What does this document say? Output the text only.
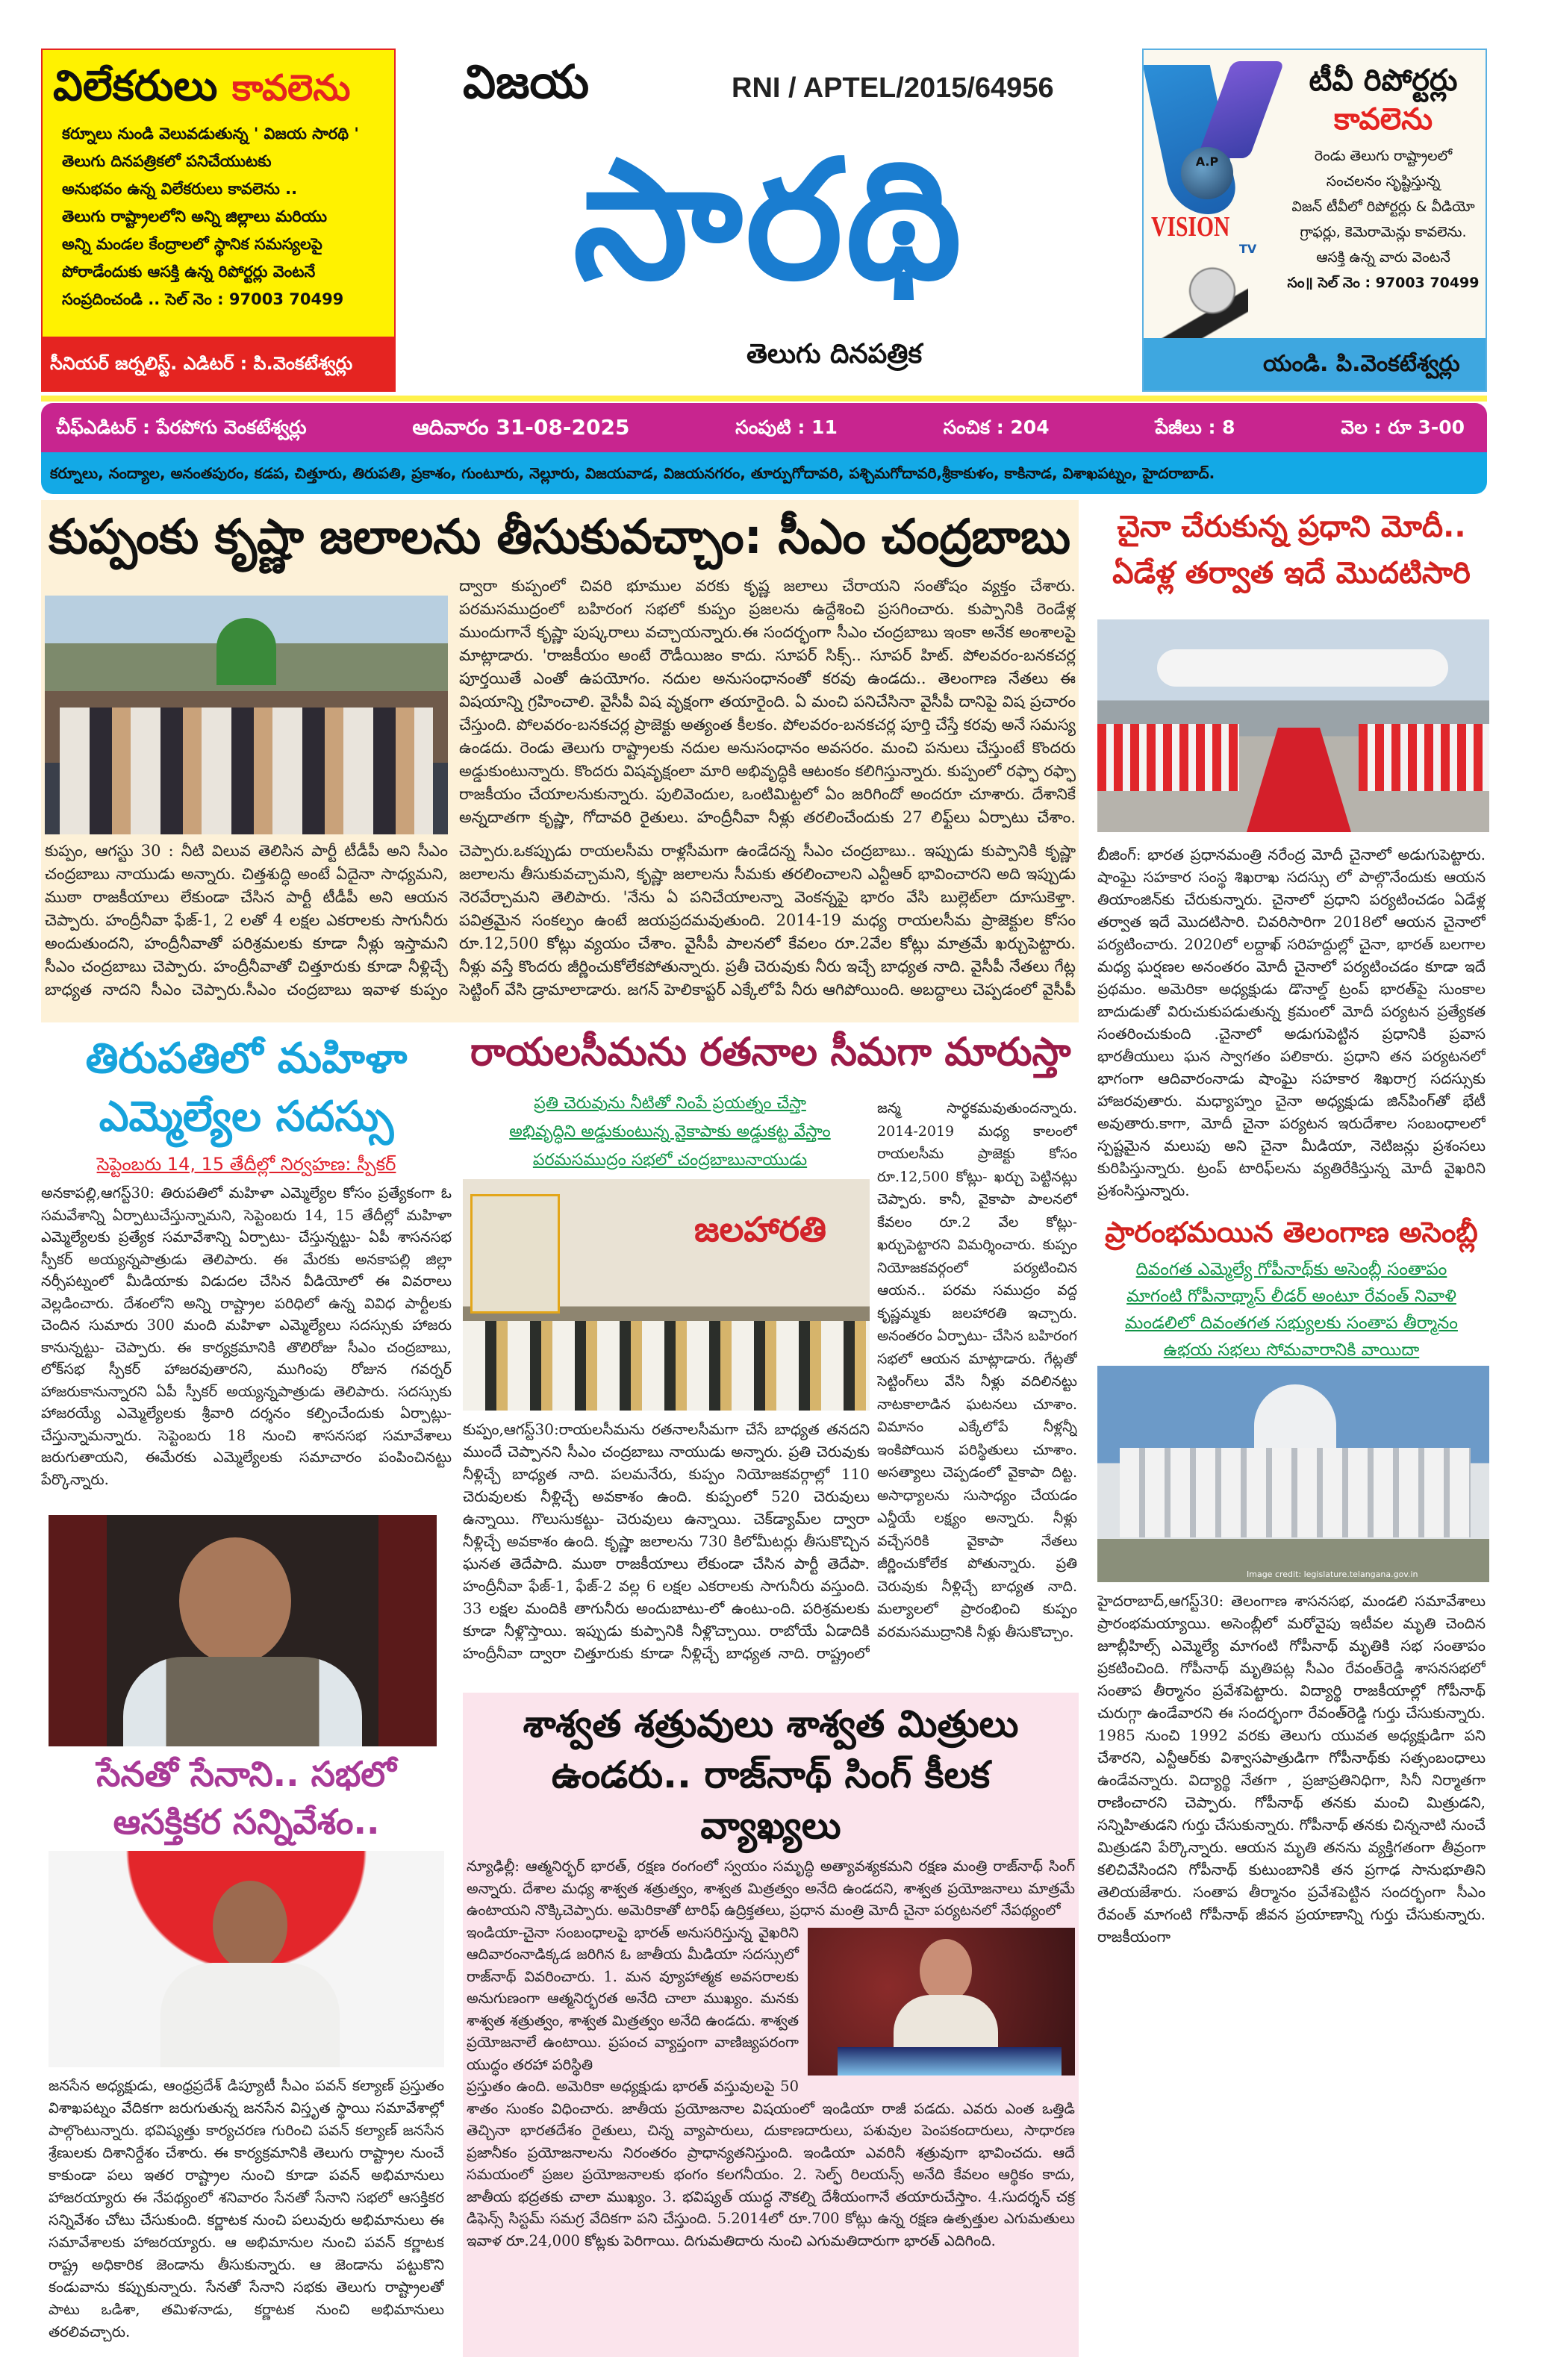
విలేకరులు కావలెను
కర్నూలు నుండి వెలువడుతున్న ' విజయ సారథి ' తెలుగు దినపత్రికలో పనిచేయుటకు అనుభవం ఉన్న విలేకరులు కావలెను .. తెలుగు రాష్ట్రాలలోని అన్ని జిల్లాలు మరియు అన్ని మండల కేంద్రాలలో స్థానిక సమస్యలపై పోరాడేందుకు ఆసక్తి ఉన్న రిపోర్టర్లు వెంటనే సంప్రదించండి .. సెల్ నెం : 97003 70499
సీనియర్ జర్నలిస్ట్. ఎడిటర్ : పి.వెంకటేశ్వర్లు
విజయ	RNI / APTEL/2015/64956
సారథి
తెలుగు దినపత్రిక
A.P
VISION
TV
టీవీ రిపోర్టర్లు కావలెను
రెండు తెలుగు రాష్ట్రాలలో సంచలనం సృష్టిస్తున్న విజన్ టీవీలో రిపోర్టర్లు & వీడియో గ్రాఫర్లు, కెమెరామెన్లు కావలెను. ఆసక్తి ఉన్న వారు వెంటనే సం॥ సెల్ నెం : 97003 70499
యండి. పి.వెంకటేశ్వర్లు
చీఫ్ఎడిటర్ : పేరపోగు వెంకటేశ్వర్లు	ఆదివారం 31-08-2025	సంపుటి : 11	సంచిక : 204	పేజీలు : 8	వెల : రూ 3-00
కర్నూలు, నంద్యాల, అనంతపురం, కడప, చిత్తూరు, తిరుపతి, ప్రకాశం, గుంటూరు, నెల్లూరు, విజయవాడ, విజయనగరం, తూర్పుగోదావరి, పశ్చిమగోదావరి,శ్రీకాకుళం, కాకినాడ, విశాఖపట్నం, హైదరాబాద్.
కుప్పంకు కృష్ణా జలాలను తీసుకువచ్చాం: సీఎం చంద్రబాబు
ద్వారా కుప్పంలో చివరి భూముల వరకు కృష్ణ జలాలు చేరాయని సంతోషం వ్యక్తం చేశారు. పరమసముద్రంలో బహిరంగ సభలో కుప్పం ప్రజలను ఉద్దేశించి ప్రసగించారు. కుప్పానికి రెండేళ్ల ముందుగానే కృష్ణా పుష్కరాలు వచ్చాయన్నారు.ఈ సందర్భంగా సీఎం చంద్రబాబు ఇంకా అనేక అంశాలపై మాట్లాడారు. 'రాజకీయం అంటే రౌడీయిజం కాదు. సూపర్ సిక్స్.. సూపర్ హిట్. పోలవరం-బనకచర్ల పూర్తయితే ఎంతో ఉపయోగం. నదుల అనుసంధానంతో కరవు ఉండదు.. తెలంగాణ నేతలు ఈ విషయాన్ని గ్రహించాలి. వైసీపీ విష వృక్షంగా తయారైంది. ఏ మంచి పనిచేసినా వైసీపీ దానిపై విష ప్రచారం చేస్తుంది. పోలవరం-బనకచర్ల ప్రాజెక్టు అత్యంత కీలకం. పోలవరం-బనకచర్ల పూర్తి చేస్తే కరవు అనే సమస్య ఉండదు. రెండు తెలుగు రాష్ట్రాలకు నదుల అనుసంధానం అవసరం. మంచి పనులు చేస్తుంటే కొందరు అడ్డుకుంటున్నారు. కొందరు విషవృక్షంలా మారి అభివృద్ధికి ఆటంకం కలిగిస్తున్నారు. కుప్పంలో రఫ్ఫా రఫ్ఫా రాజకీయం చేయాలనుకున్నారు. పులివెందుల, ఒంటిమిట్టలో ఏం జరిగిందో అందరూ చూశారు. దేశానికే అన్నదాతగా కృష్ణా, గోదావరి రైతులు. హంద్రీనీవా నీళ్లు తరలించేందుకు 27 లిఫ్ట్‌లు ఏర్పాటు చేశాం.
కుప్పం, ఆగస్టు 30 : నీటి విలువ తెలిసిన పార్టీ టీడీపీ అని సీఎం చంద్రబాబు నాయుడు అన్నారు. చిత్తశుద్ధి అంటే ఏదైనా సాధ్యమని, ముఠా రాజకీయాలు లేకుండా చేసిన పార్టీ టీడీపీ అని ఆయన చెప్పారు. హంద్రీనీవా ఫేజ్-1, 2 లతో 4 లక్షల ఎకరాలకు సాగునీరు అందుతుందని, హంద్రీనీవాతో పరిశ్రమలకు కూడా నీళ్లు ఇస్తామని సీఎం చంద్రబాబు చెప్పారు. హంద్రీనీవాతో చిత్తూరుకు కూడా నీళ్లిచ్చే బాధ్యత నాదని సీఎం చెప్పారు.సీఎం చంద్రబాబు ఇవాళ కుప్పం
చెప్పారు.ఒకప్పుడు రాయలసీమ రాళ్లసీమగా ఉండేదన్న సీఎం చంద్రబాబు.. ఇప్పుడు కుప్పానికి కృష్ణా జలాలను తీసుకువచ్చామని, కృష్ణా జలాలను సీమకు తరలించాలని ఎన్టీఆర్ భావించారని అది ఇప్పుడు నెరవేర్చామని తెలిపారు. 'నేను ఏ పనిచేయాలన్నా వెంకన్నపై భారం వేసి బుల్లెట్‌లా దూసుకెళ్తా. పవిత్రమైన సంకల్పం ఉంటే జయప్రదమవుతుంది. 2014-19 మధ్య రాయలసీమ ప్రాజెక్టుల కోసం రూ.12,500 కోట్లు వ్యయం చేశాం. వైసీపీ పాలనలో కేవలం రూ.2వేల కోట్లు మాత్రమే ఖర్చుపెట్టారు. నీళ్లు వస్తే కొందరు జీర్ణించుకోలేకపోతున్నారు. ప్రతీ చెరువుకు నీరు ఇచ్చే బాధ్యత నాది. వైసీపీ నేతలు గేట్ల సెట్టింగ్ వేసి డ్రామాలాడారు. జగన్ హెలికాప్టర్ ఎక్కేలోపే నీరు ఆగిపోయింది. అబద్ధాలు చెప్పడంలో వైసీపీ
చైనా చేరుకున్న ప్రధాని మోదీ.. ఏడేళ్ల తర్వాత ఇదే మొదటిసారి
బీజింగ్: భారత ప్రధానమంత్రి నరేంద్ర మోదీ చైనాలో అడుగుపెట్టారు. షాంఘై సహకార సంస్థ శిఖరాఖ సదస్సు లో పాల్గొనేందుకు ఆయన తియాంజిన్‌కు చేరుకున్నారు. చైనాలో ప్రధాని పర్యటించడం ఏడేళ్ల తర్వాత ఇదే మొదటిసారి. చివరిసారిగా 2018లో ఆయన చైనాలో పర్యటించారు. 2020లో లద్దాఖ్ సరిహద్దుల్లో చైనా, భారత్ బలగాల మధ్య ఘర్షణల అనంతరం మోదీ చైనాలో పర్యటించడం కూడా ఇదే ప్రథమం. అమెరికా అధ్యక్షుడు డొనాల్డ్ ట్రంప్ భారత్‌పై సుంకాల బాదుడుతో విరుచుకుపడుతున్న క్రమంలో మోదీ పర్యటన ప్రత్యేకత సంతరించుకుంది .చైనాలో అడుగుపెట్టిన ప్రధానికి ప్రవాస భారతీయులు ఘన స్వాగతం పలికారు. ప్రధాని తన పర్యటనలో భాగంగా ఆదివారంనాడు షాంఘై సహకార శిఖరాగ్ర సదస్సుకు హాజరవుతారు. మధ్యాహ్నం చైనా అధ్యక్షుడు జిన్‌పింగ్‌తో భేటీ అవుతారు.కాగా, మోదీ చైనా పర్యటన ఇరుదేశాల సంబంధాలలో స్పష్టమైన మలుపు అని చైనా మీడియా, నెటిజన్లు ప్రశంసలు కురిపిస్తున్నారు. ట్రంప్ టారిఫ్‌లను వ్యతిరేకిస్తున్న మోదీ వైఖరిని ప్రశంసిస్తున్నారు.
ప్రారంభమయిన తెలంగాణ అసెంబ్లీ
దివంగత ఎమ్మెల్యే గోపీనాథ్‌కు అసెంబ్లీ సంతాపం మాగంటి గోపీనాథ్మాస్ లీడర్ అంటూ రేవంత్ నివాళి మండలిలో దివంతగత సభ్యులకు సంతాప తీర్మానం ఉభయ సభలు సోమవారానికి వాయిదా
Image credit: legislature.telangana.gov.in
హైదరాబాద్,ఆగస్ట్30: తెలంగాణ శాసనసభ, మండలి సమావేశాలు ప్రారంభమయ్యాయి. అసెంబ్లీలో మరోవైపు ఇటీవల మృతి చెందిన జూబ్లీహిల్స్ ఎమ్మెల్యే మాగంటి గోపీనాథ్ మృతికి సభ సంతాపం ప్రకటించింది. గోపీనాథ్ మృతిపట్ల సీఎం రేవంత్‌రెడ్డి శాసనసభలో సంతాప తీర్మానం ప్రవేశపెట్టారు. విద్యార్థి రాజకీయాల్లో గోపీనాథ్ చురుగ్గా ఉండేవారని ఈ సందర్భంగా రేవంత్‌రెడ్డి గుర్తు చేసుకున్నారు. 1985 నుంచి 1992 వరకు తెలుగు యువత అధ్యక్షుడిగా పని చేశారని, ఎన్టీఆర్‌కు విశ్వాసపాత్రుడిగా గోపీనాథ్‌కు సత్సంబంధాలు ఉండేవన్నారు. విద్యార్థి నేతగా , ప్రజాప్రతినిధిగా, సినీ నిర్మాతగా రాణించారని చెప్పారు. గోపీనాథ్ తనకు మంచి మిత్రుడని, సన్నిహితుడని గుర్తు చేసుకున్నారు. గోపీనాథ్ తనకు చిన్ననాటి నుంచే మిత్రుడని పేర్కొన్నారు. ఆయన మృతి తనను వ్యక్తిగతంగా తీవ్రంగా కలిచివేసిందని గోపీనాథ్ కుటుంబానికి తన ప్రగాఢ సానుభూతిని తెలియజేశారు. సంతాప తీర్మానం ప్రవేశపెట్టిన సందర్భంగా సీఎం రేవంత్ మాగంటి గోపీనాథ్ జీవన ప్రయాణాన్ని గుర్తు చేసుకున్నారు. రాజకీయంగా
తిరుపతిలో మహిళా ఎమ్మెల్యేల సదస్సు
సెప్టెంబరు 14, 15 తేదీల్లో నిర్వహణ: స్పీకర్
అనకాపల్లి,ఆగస్ట్30: తిరుపతిలో మహిళా ఎమ్మెల్యేల కోసం ప్రత్యేకంగా ఓ సమవేశాన్ని ఏర్పాటుచేస్తున్నామని, సెప్టెంబరు 14, 15 తేదీల్లో మహిళా ఎమ్మెల్యేలకు ప్రత్యేక సమావేశాన్ని ఏర్పాటు- చేస్తున్నట్టు- ఏపీ శాసనసభ స్పీకర్ అయ్యన్నపాత్రుడు తెలిపారు. ఈ మేరకు అనకాపల్లి జిల్లా నర్సీపట్నంలో మీడియాకు విడుదల చేసిన వీడియోలో ఈ వివరాలు వెల్లడించారు. దేశంలోని అన్ని రాష్ట్రాల పరిధిలో ఉన్న వివిధ పార్టీలకు చెందిన సుమారు 300 మంది మహిళా ఎమ్మెల్యేలు సదస్సుకు హాజరు కానున్నట్టు- చెప్పారు. ఈ కార్యక్రమానికి తొలిరోజు సీఎం చంద్రబాబు, లోక్‌సభ స్పీకర్ హాజరవుతారని, ముగింపు రోజున గవర్నర్ హాజరుకానున్నారని ఏపీ స్పీకర్ అయ్యన్నపాత్రుడు తెలిపారు. సదస్సుకు హాజరయ్యే ఎమ్మెల్యేలకు శ్రీవారి దర్శనం కల్పించేందుకు ఏర్పాట్లు- చేస్తున్నామన్నారు. సెప్టెంబరు 18 నుంచి శాసనసభ సమావేశాలు జరుగుతాయని, ఈమేరకు ఎమ్మెల్యేలకు సమాచారం పంపించినట్టు పేర్కొన్నారు.
సేనతో సేనాని.. సభలో ఆసక్తికర సన్నివేశం..
జనసేన అధ్యక్షుడు, ఆంధ్రప్రదేశ్ డిప్యూటీ సీఎం పవన్ కల్యాణ్ ప్రస్తుతం విశాఖపట్నం వేదికగా జరుగుతున్న జనసేన విస్తృత స్థాయి సమావేశాల్లో పాల్గొంటున్నారు. భవిష్యత్తు కార్యచరణ గురించి పవన్ కల్యాణ్ జనసేన శ్రేణులకు దిశానిర్దేశం చేశారు. ఈ కార్యక్రమానికి తెలుగు రాష్ట్రాల నుంచే కాకుండా పలు ఇతర రాష్ట్రాల నుంచి కూడా పవన్ అభిమానులు హాజరయ్యారు ఈ నేపథ్యంలో శనివారం సేనతో సేనాని సభలో ఆసక్తికర సన్నివేశం చోటు చేసుకుంది. కర్ణాటక నుంచి పలువురు అభిమానులు ఈ సమావేశాలకు హాజరయ్యారు. ఆ అభిమానుల నుంచి పవన్ కర్ణాటక రాష్ట్ర అధికారిక జెండాను తీసుకున్నారు. ఆ జెండాను పట్టుకొని కండువాను కప్పుకున్నారు. సేనతో సేనాని సభకు తెలుగు రాష్ట్రాలతో పాటు ఒడిశా, తమిళనాడు, కర్ణాటక నుంచి అభిమానులు తరలివచ్చారు.
రాయలసీమను రతనాల సీమగా మారుస్తా
ప్రతి చెరువును నీటితో నింపే ప్రయత్నం చేస్తా అభివృద్ధిని అడ్డుకుంటున్న వైకాపాకు అడ్డుకట్ట వేస్తాం పరమసముద్రం సభలో చంద్రబాబునాయుడు
జలహారతి
జన్మ సార్థకమవుతుందన్నారు. 2014-2019 మధ్య కాలంలో రాయలసీమ ప్రాజెక్టు కోసం రూ.12,500 కోట్లు- ఖర్చు పెట్టినట్లు చెప్పారు. కానీ, వైకాపా పాలనలో కేవలం రూ.2 వేల కోట్లు- ఖర్చుపెట్టారని విమర్శించారు. కుప్పం నియోజకవర్గంలో పర్యటించిన ఆయన.. పరమ సముద్రం వద్ద కృష్ణమ్మకు జలహారతి ఇచ్చారు. అనంతరం ఏర్పాటు- చేసిన బహిరంగ సభలో ఆయన మాట్లాడారు. గేట్లతో సెట్టింగ్‌లు వేసి నీళ్లు వదిలినట్టు నాటకాలాడిన ఘటనలు చూశాం. విమానం ఎక్కేలోపే నీళ్లన్నీ ఇంకిపోయిన పరిస్థితులు చూశాం. అసత్యాలు చెప్పడంలో వైకాపా దిట్ట. అసాధ్యాలను సుసాధ్యం చేయడం ఎన్డీయే లక్ష్యం అన్నారు. నీళ్లు వచ్చేసరికి వైకాపా నేతలు జీర్ణించుకోలేక పోతున్నారు. ప్రతి చెరువుకు నీళ్లిచ్చే బాధ్యత నాది. మల్యాలలో ప్రారంభించి కుప్పం వరమసముద్రానికి నీళ్లు తీసుకొచ్చాం.
కుప్పం,ఆగస్ట్30:రాయలసీమను రతనాలసీమగా చేసే బాధ్యత తనదని ముందే చెప్పానని సీఎం చంద్రబాబు నాయుడు అన్నారు. ప్రతి చెరువుకు నీళ్లిచ్చే బాధ్యత నాది. పలమనేరు, కుప్పం నియోజకవర్గాల్లో 110 చెరువులకు నీళ్లిచ్చే అవకాశం ఉంది. కుప్పంలో 520 చెరువులు ఉన్నాయి. గొలుసుకట్టు- చెరువులు ఉన్నాయి. చెక్‌డ్యామ్‌ల ద్వారా నీళ్లిచ్చే అవకాశం ఉంది. కృష్ణా జలాలను 730 కిలోమీటర్లు తీసుకొచ్చిన ఘనత తెదేపాది. ముఠా రాజకీయాలు లేకుండా చేసిన పార్టీ తెదేపా. హంద్రీనీవా ఫేజ్-1, ఫేజ్-2 వల్ల 6 లక్షల ఎకరాలకు సాగునీరు వస్తుంది. 33 లక్షల మందికి తాగునీరు అందుబాటు-లో ఉంటు-ంది. పరిశ్రమలకు కూడా నీళ్లొస్తాయి. ఇప్పుడు కుప్పానికి నీళ్లొచ్చాయి. రాబోయే ఏడాదికి హంద్రీనీవా ద్వారా చిత్తూరుకు కూడా నీళ్లిచ్చే బాధ్యత నాది. రాష్ట్రంలో
శాశ్వత శత్రువులు శాశ్వత మిత్రులు ఉండరు.. రాజ్‌నాథ్ సింగ్ కీలక వ్యాఖ్యలు
న్యూఢిల్లీ: ఆత్మనిర్భర్ భారత్, రక్షణ రంగంలో స్వయం సమృద్ధి అత్యావశ్యకమని రక్షణ మంత్రి రాజ్‌నాథ్ సింగ్ అన్నారు. దేశాల మధ్య శాశ్వత శత్రుత్వం, శాశ్వత మిత్రత్వం అనేది ఉండదని, శాశ్వత ప్రయోజనాలు మాత్రమే ఉంటాయని నొక్కిచెప్పారు. అమెరికాతో టారిఫ్ ఉద్రిక్తతలు, ప్రధాన మంత్రి మోదీ చైనా పర్యటనలో నేపథ్యంలో
ఇండియా-చైనా సంబంధాలపై భారత్ అనుసరిస్తున్న వైఖరిని ఆదివారంనాడిక్కడ జరిగిన ఓ జాతీయ మీడియా సదస్సులో రాజ్‌నాథ్ వివరించారు. 1. మన వ్యూహాత్మక అవసరాలకు అనుగుణంగా ఆత్మనిర్భరత అనేది చాలా ముఖ్యం. మనకు శాశ్వత శత్రుత్వం, శాశ్వత మిత్రత్వం అనేది ఉండదు. శాశ్వత ప్రయోజనాలే ఉంటాయి. ప్రపంచ వ్యాప్తంగా వాణిజ్యపరంగా యుద్ధం తరహా పరిస్థితి
ప్రస్తుతం ఉంది. అమెరికా అధ్యక్షుడు భారత్ వస్తువులపై 50 శాతం సుంకం విధించారు. జాతీయ ప్రయోజనాల విషయంలో ఇండియా రాజీ పడదు. ఎవరు ఎంత ఒత్తిడి తెచ్చినా భారతదేశం రైతులు, చిన్న వ్యాపారులు, దుకాణదారులు, పశువుల పెంపకందారులు, సాధారణ ప్రజానీకం ప్రయోజనాలను నిరంతరం ప్రాధాన్యతనిస్తుంది. ఇండియా ఎవరినీ శత్రువుగా భావించదు. ఆదే సమయంలో ప్రజల ప్రయోజనాలకు భంగం కలగనీయం. 2. సెల్ఫ్ రిలయన్స్ అనేది కేవలం ఆర్థికం కాదు, జాతీయ భద్రతకు చాలా ముఖ్యం. 3. భవిష్యత్ యుద్ధ నౌకల్ని దేశీయంగానే తయారుచేస్తాం. 4.సుదర్శన్ చక్ర డిఫెన్స్ సిస్టమ్ సమగ్ర వేదికగా పని చేస్తుంది. 5.2014లో రూ.700 కోట్లు ఉన్న రక్షణ ఉత్పత్తుల ఎగుమతులు ఇవాళ రూ.24,000 కోట్లకు పెరిగాయి. దిగుమతిదారు నుంచి ఎగుమతిదారుగా భారత్ ఎదిగింది.
